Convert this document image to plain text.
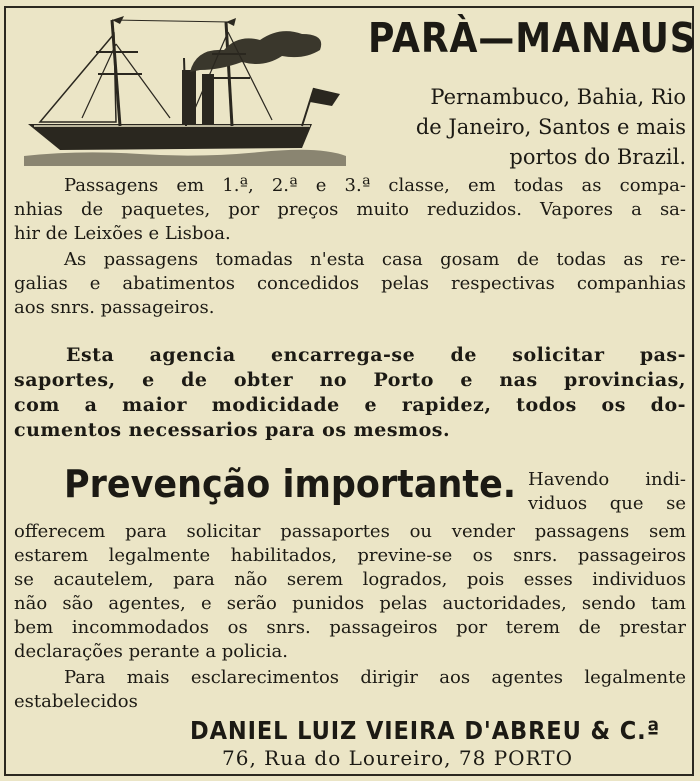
PARÀ—MANAUS
Pernambuco, Bahia, Rio
de Janeiro, Santos e mais
portos do Brazil.
Passagens em 1.ª, 2.ª e 3.ª classe, em todas as compa-
nhias de paquetes, por preços muito reduzidos. Vapores a sa-
hir de Leixões e Lisboa.
As passagens tomadas n'esta casa gosam de todas as re-
galias e abatimentos concedidos pelas respectivas companhias
aos snrs. passageiros.
Esta agencia encarrega-se de solicitar pas-
saportes, e de obter no Porto e nas provincias,
com a maior modicidade e rapidez, todos os do-
cumentos necessarios para os mesmos.
Prevenção importante. Havendo indi-
viduos que se
offerecem para solicitar passaportes ou vender passagens sem
estarem legalmente habilitados, previne-se os snrs. passageiros
se acautelem, para não serem logrados, pois esses individuos
não são agentes, e serão punidos pelas auctoridades, sendo tam
bem incommodados os snrs. passageiros por terem de prestar
declarações perante a policia.
Para mais esclarecimentos dirigir aos agentes legalmente
estabelecidos
DANIEL LUIZ VIEIRA D'ABREU & C.ª
76, Rua do Loureiro, 78 PORTO
